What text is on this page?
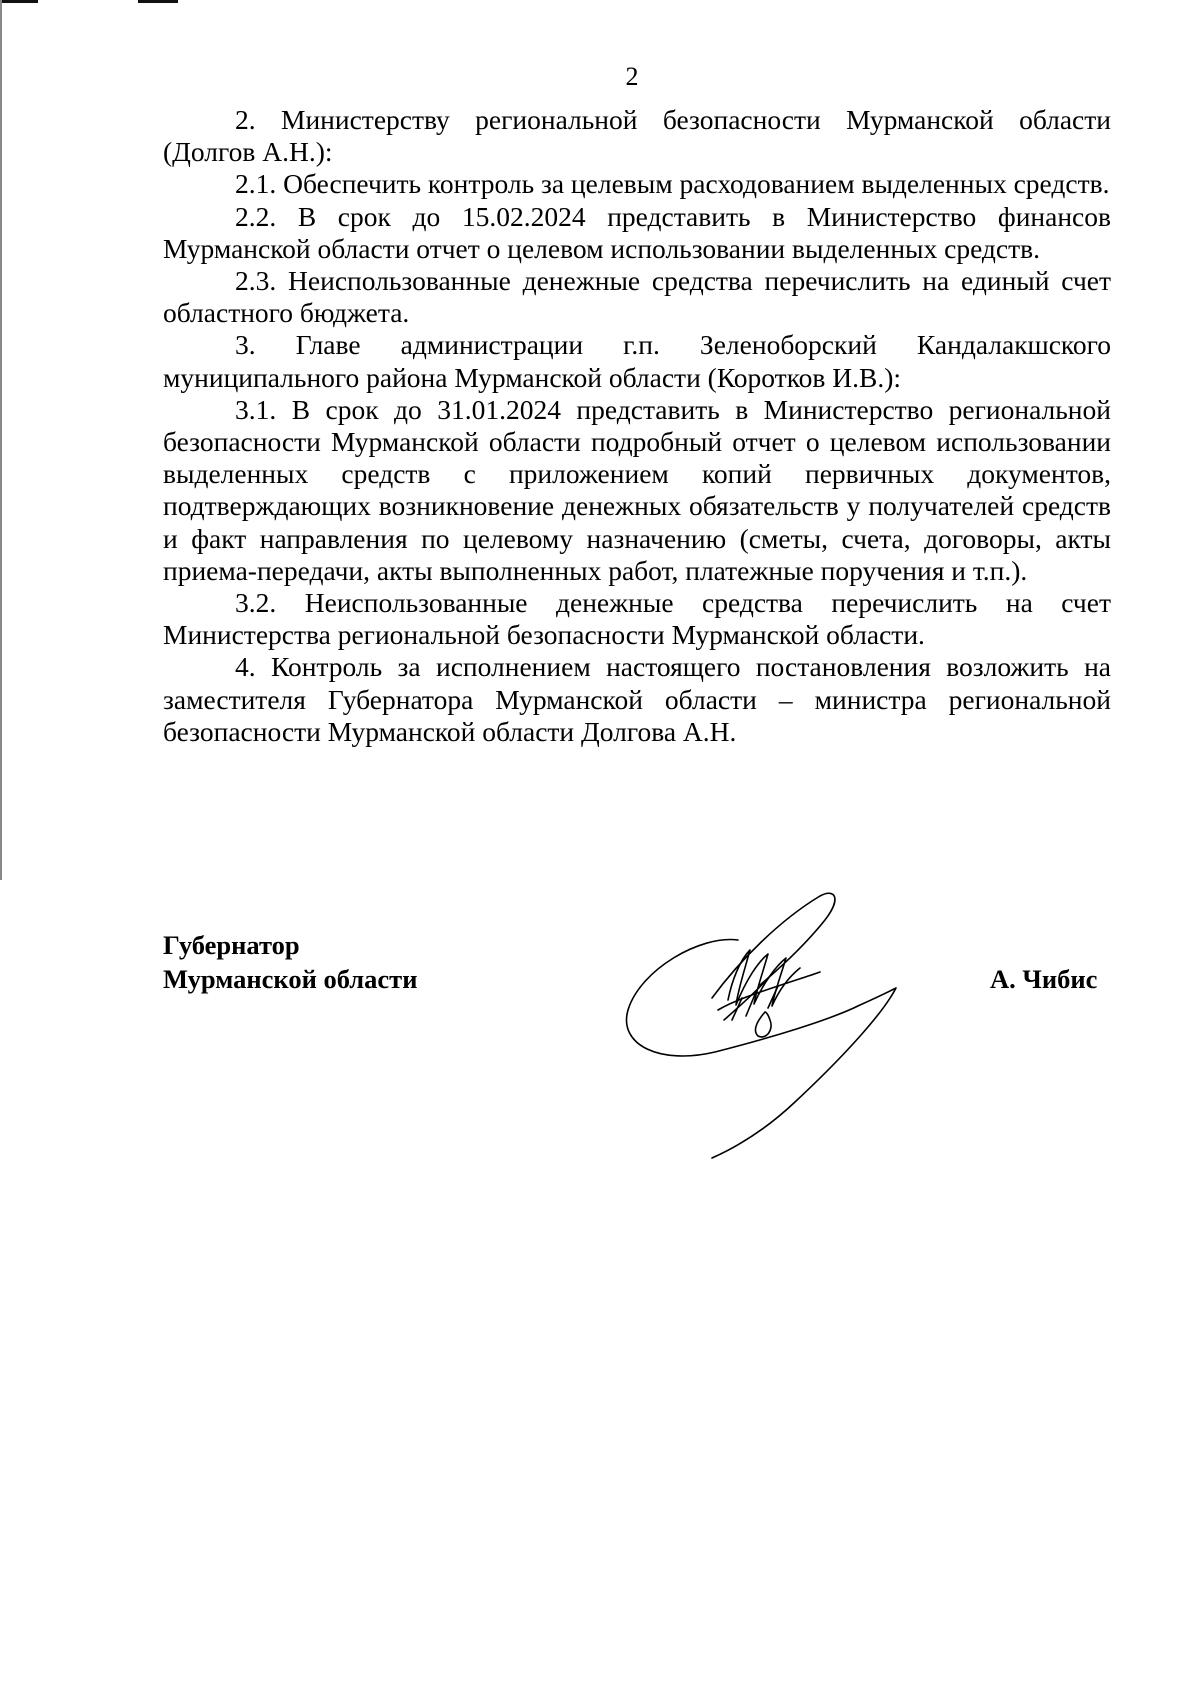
2

2. Министерству региональной безопасности Мурманской области (Долгов А.Н.):

2.1. Обеспечить контроль за целевым расходованием выделенных средств.

2.2. В срок до 15.02.2024 представить в Министерство финансов Мурманской области отчет о целевом использовании выделенных средств.

2.3. Неиспользованные денежные средства перечислить на единый счет областного бюджета.

3. Главе администрации г.п. Зеленоборский Кандалакшского муниципального района Мурманской области (Коротков И.В.):

3.1. В срок до 31.01.2024 представить в Министерство региональной безопасности Мурманской области подробный отчет о целевом использовании выделенных средств с приложением копий первичных документов, подтверждающих возникновение денежных обязательств у получателей средств и факт направления по целевому назначению (сметы, счета, договоры, акты приема-передачи, акты выполненных работ, платежные поручения и т.п.).

3.2. Неиспользованные денежные средства перечислить на счет Министерства региональной безопасности Мурманской области.

4. Контроль за исполнением настоящего постановления возложить на заместителя Губернатора Мурманской области – министра региональной безопасности Мурманской области Долгова А.Н.

Губернатор
Мурманской области	А. Чибис
